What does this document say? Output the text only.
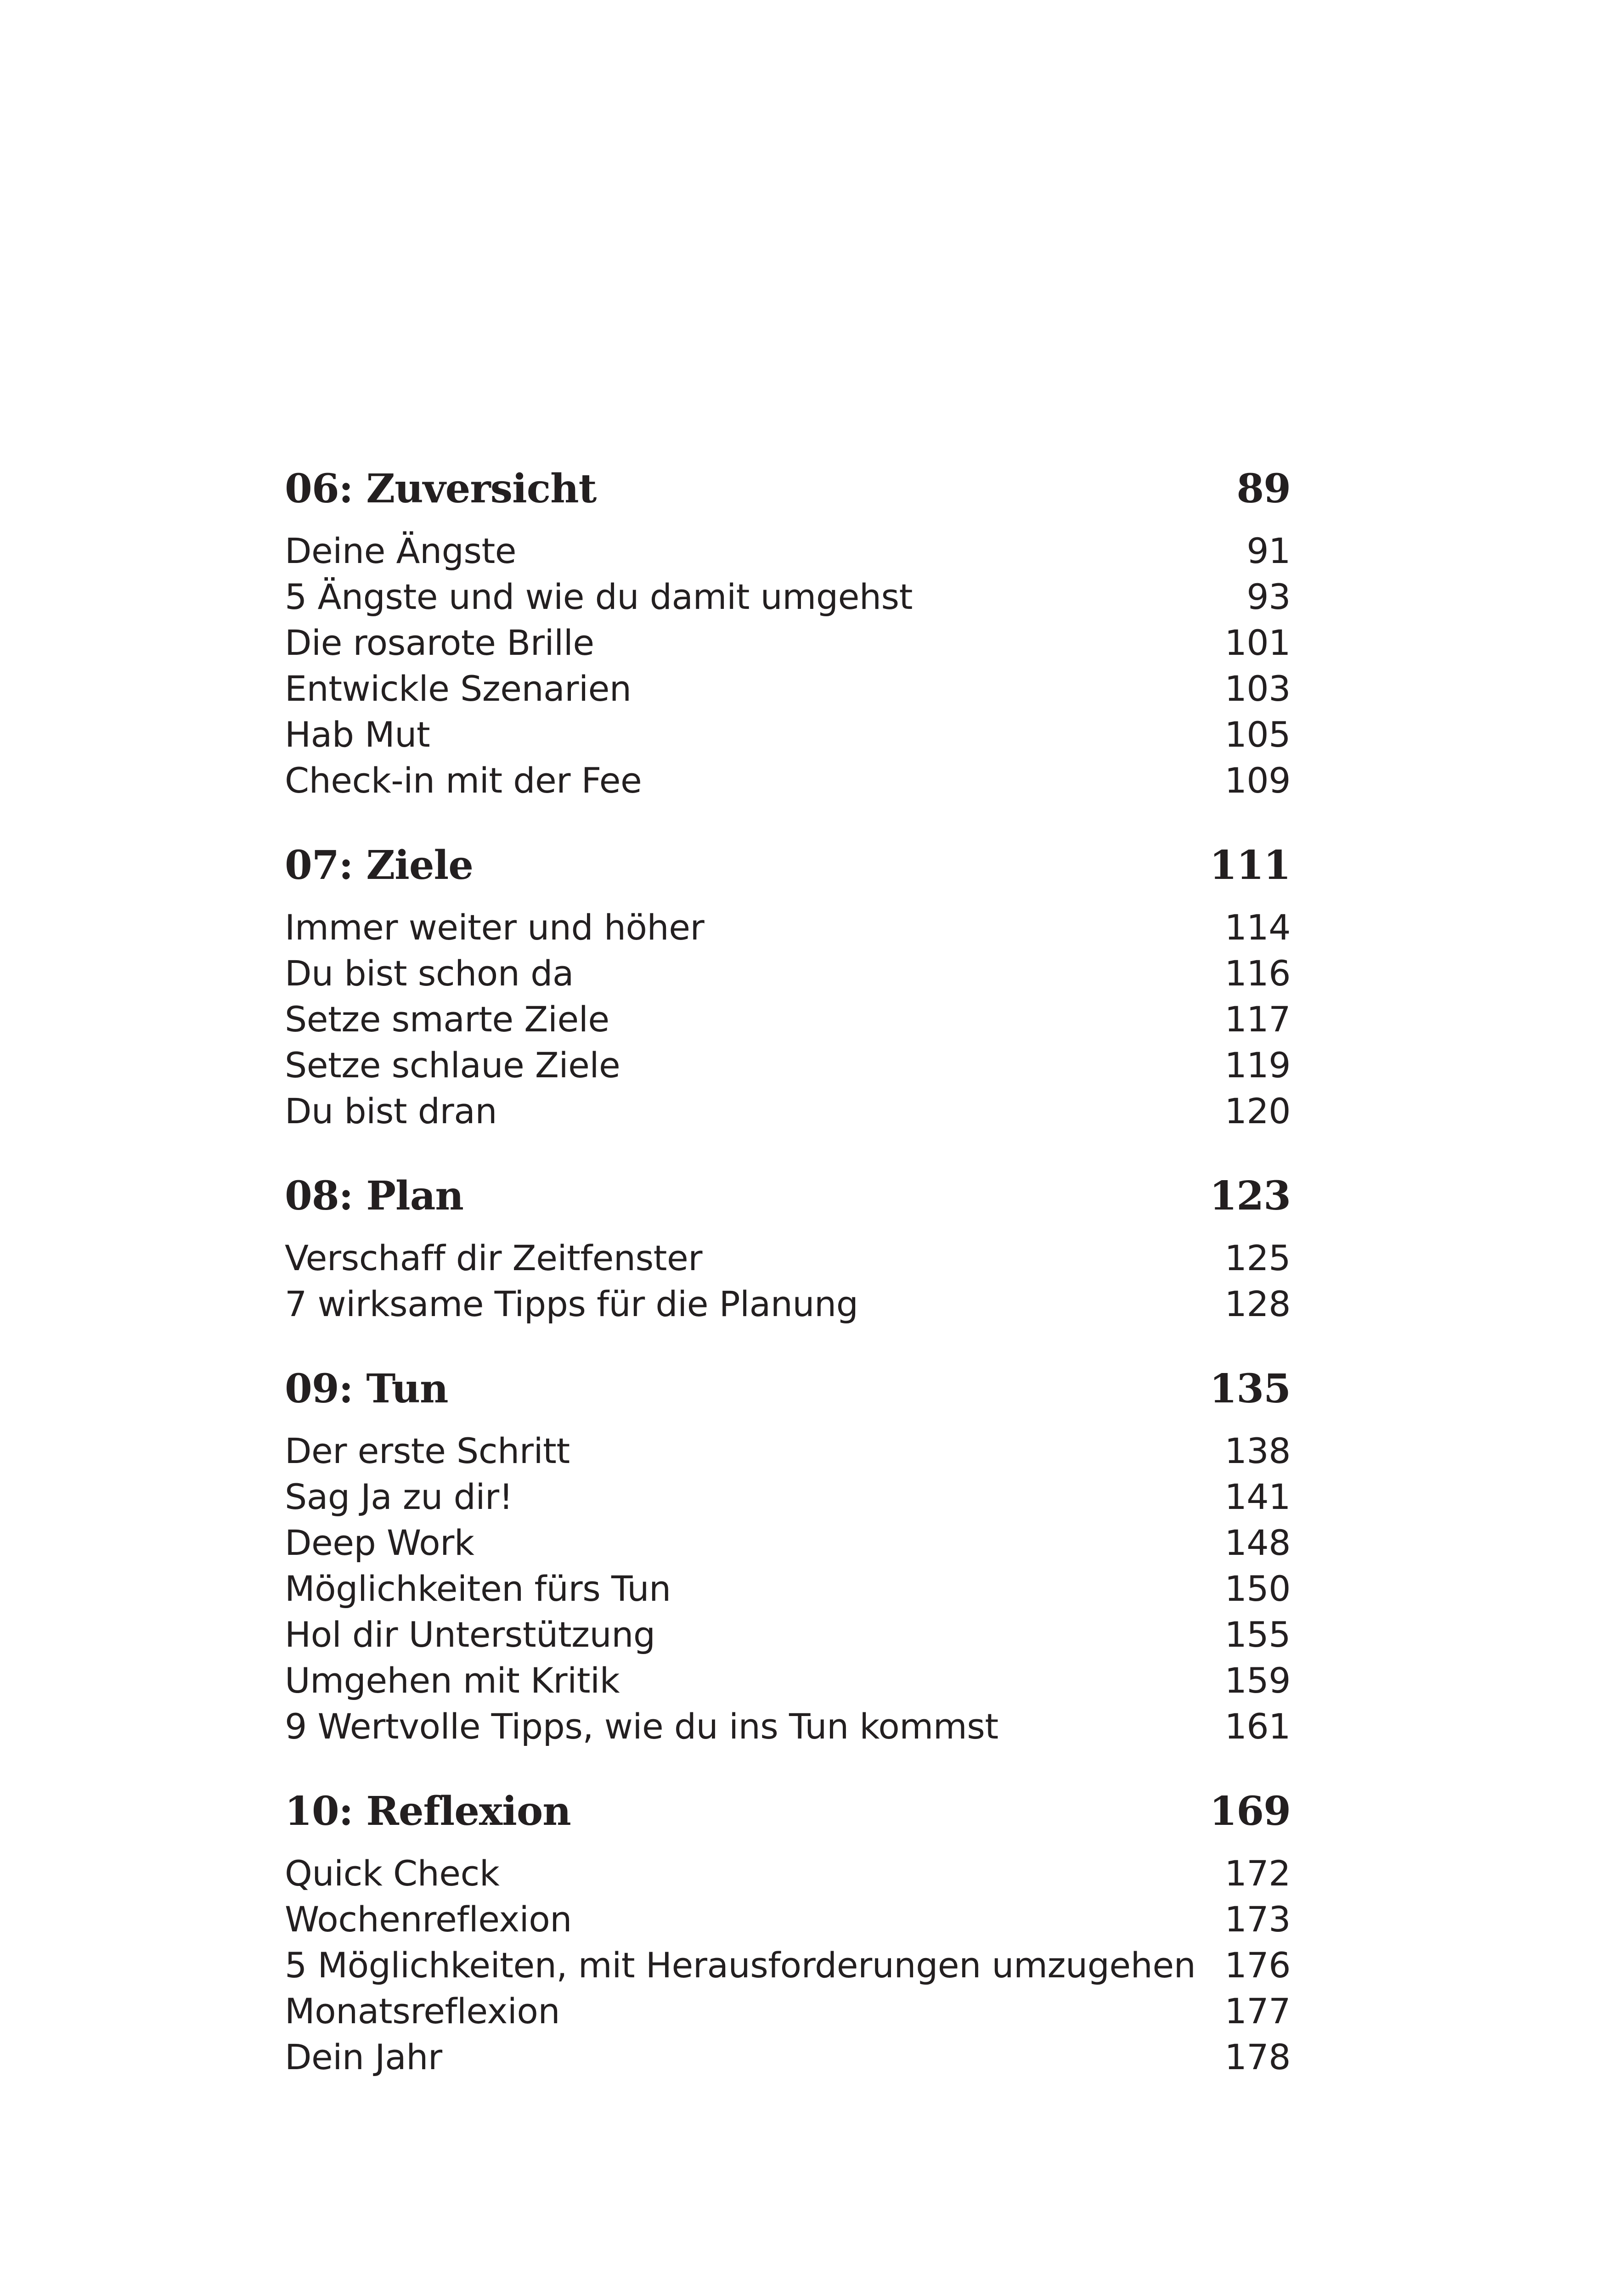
06: Zuversicht	89
Deine Ängste	91
5 Ängste und wie du damit umgehst	93
Die rosarote Brille	101
Entwickle Szenarien	103
Hab Mut	105
Check-in mit der Fee	109
07: Ziele	111
Immer weiter und höher	114
Du bist schon da	116
Setze smarte Ziele	117
Setze schlaue Ziele	119
Du bist dran	120
08: Plan	123
Verschaff dir Zeitfenster	125
7 wirksame Tipps für die Planung	128
09: Tun	135
Der erste Schritt	138
Sag Ja zu dir!	141
Deep Work	148
Möglichkeiten fürs Tun	150
Hol dir Unterstützung	155
Umgehen mit Kritik	159
9 Wertvolle Tipps, wie du ins Tun kommst	161
10: Reflexion	169
Quick Check	172
Wochenreflexion	173
5 Möglichkeiten, mit Herausforderungen umzugehen 176
Monatsreflexion	177
Dein Jahr	178
